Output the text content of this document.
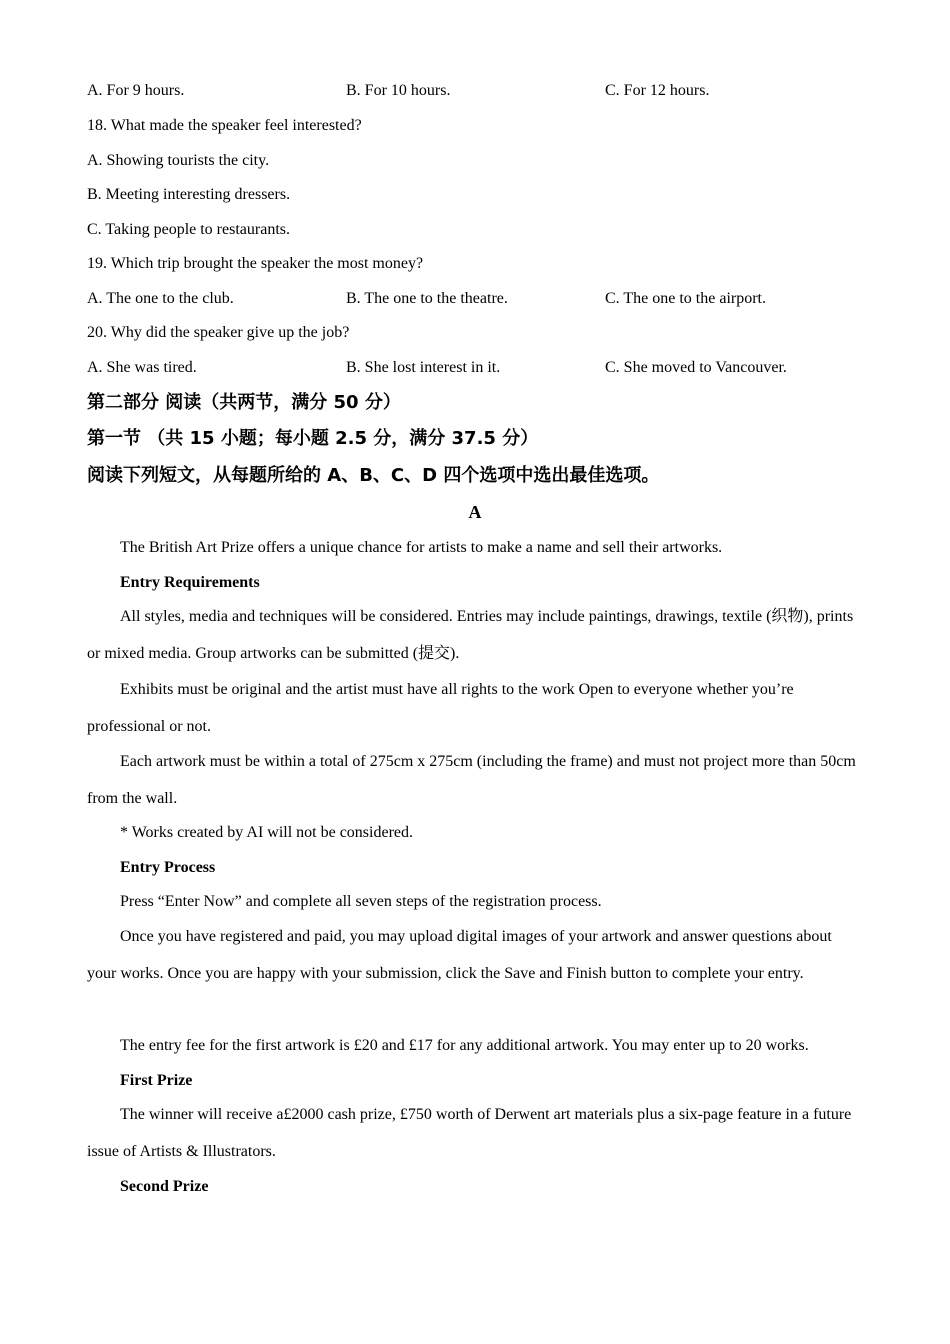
A. For 9 hours.	B. For 10 hours.	C. For 12 hours.
18. What made the speaker feel interested?
A. Showing tourists the city.
B. Meeting interesting dressers.
C. Taking people to restaurants.
19. Which trip brought the speaker the most money?
A. The one to the club.	B. The one to the theatre.	C. The one to the airport.
20. Why did the speaker give up the job?
A. She was tired.	B. She lost interest in it.	C. She moved to Vancouver.
第二部分 阅读（共两节，满分 50 分）
第一节 （共 15 小题；每小题 2.5 分，满分 37.5 分）
阅读下列短文，从每题所给的 A、B、C、D 四个选项中选出最佳选项。
A
The British Art Prize offers a unique chance for artists to make a name and sell their artworks.
Entry Requirements
All styles, media and techniques will be considered. Entries may include paintings, drawings, textile (织物), prints or mixed media. Group artworks can be submitted (提交).
Exhibits must be original and the artist must have all rights to the work Open to everyone whether you’re professional or not.
Each artwork must be within a total of 275cm x 275cm (including the frame) and must not project more than 50cm from the wall.
* Works created by AI will not be considered.
Entry Process
Press “Enter Now” and complete all seven steps of the registration process.
Once you have registered and paid, you may upload digital images of your artwork and answer questions about your works. Once you are happy with your submission, click the Save and Finish button to complete your entry.
The entry fee for the first artwork is £20 and £17 for any additional artwork. You may enter up to 20 works.
First Prize
The winner will receive a£2000 cash prize, £750 worth of Derwent art materials plus a six-page feature in a future issue of Artists & Illustrators.
Second Prize
